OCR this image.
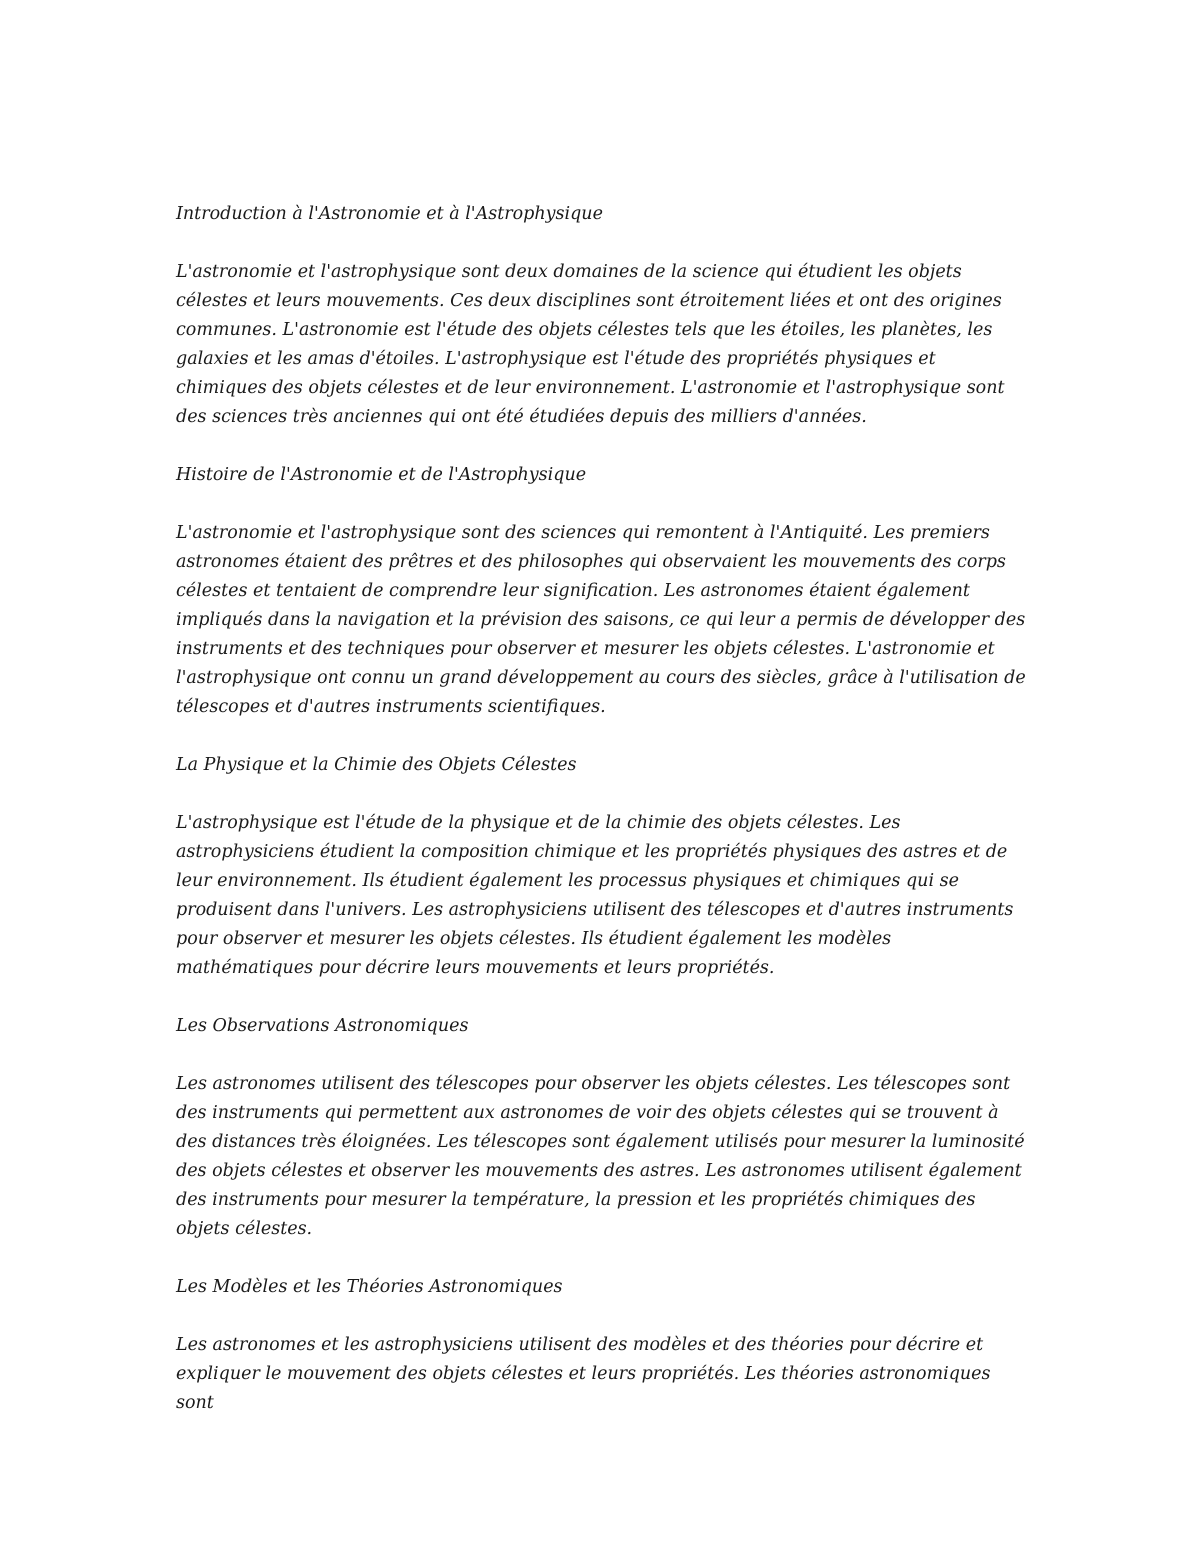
Introduction à l'Astronomie et à l'Astrophysique
L'astronomie et l'astrophysique sont deux domaines de la science qui étudient les objets célestes et leurs mouvements. Ces deux disciplines sont étroitement liées et ont des origines communes. L'astronomie est l'étude des objets célestes tels que les étoiles, les planètes, les galaxies et les amas d'étoiles. L'astrophysique est l'étude des propriétés physiques et chimiques des objets célestes et de leur environnement. L'astronomie et l'astrophysique sont des sciences très anciennes qui ont été étudiées depuis des milliers d'années.
Histoire de l'Astronomie et de l'Astrophysique
L'astronomie et l'astrophysique sont des sciences qui remontent à l'Antiquité. Les premiers astronomes étaient des prêtres et des philosophes qui observaient les mouvements des corps célestes et tentaient de comprendre leur signification. Les astronomes étaient également impliqués dans la navigation et la prévision des saisons, ce qui leur a permis de développer des instruments et des techniques pour observer et mesurer les objets célestes. L'astronomie et l'astrophysique ont connu un grand développement au cours des siècles, grâce à l'utilisation de télescopes et d'autres instruments scientifiques.
La Physique et la Chimie des Objets Célestes
L'astrophysique est l'étude de la physique et de la chimie des objets célestes. Les astrophysiciens étudient la composition chimique et les propriétés physiques des astres et de leur environnement. Ils étudient également les processus physiques et chimiques qui se produisent dans l'univers. Les astrophysiciens utilisent des télescopes et d'autres instruments pour observer et mesurer les objets célestes. Ils étudient également les modèles mathématiques pour décrire leurs mouvements et leurs propriétés.
Les Observations Astronomiques
Les astronomes utilisent des télescopes pour observer les objets célestes. Les télescopes sont des instruments qui permettent aux astronomes de voir des objets célestes qui se trouvent à des distances très éloignées. Les télescopes sont également utilisés pour mesurer la luminosité des objets célestes et observer les mouvements des astres. Les astronomes utilisent également des instruments pour mesurer la température, la pression et les propriétés chimiques des objets célestes.
Les Modèles et les Théories Astronomiques
Les astronomes et les astrophysiciens utilisent des modèles et des théories pour décrire et expliquer le mouvement des objets célestes et leurs propriétés. Les théories astronomiques sont
